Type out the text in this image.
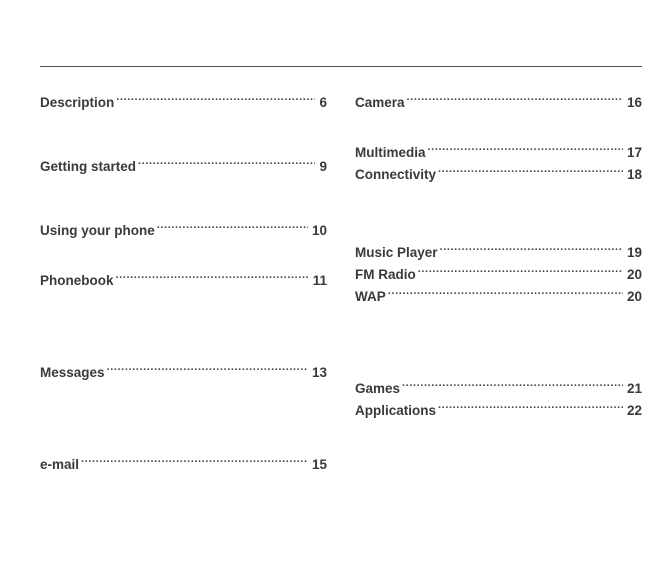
Description .....	6
Getting started .....	9
Using your phone .....	10
Phonebook .....	11
Messages .....	13
e-mail .....	15
Camera .....	16
Multimedia .....	17
Connectivity .....	18
Music Player .....	19
FM Radio .....	20
WAP .....	20
Games .....	21
Applications .....	22
